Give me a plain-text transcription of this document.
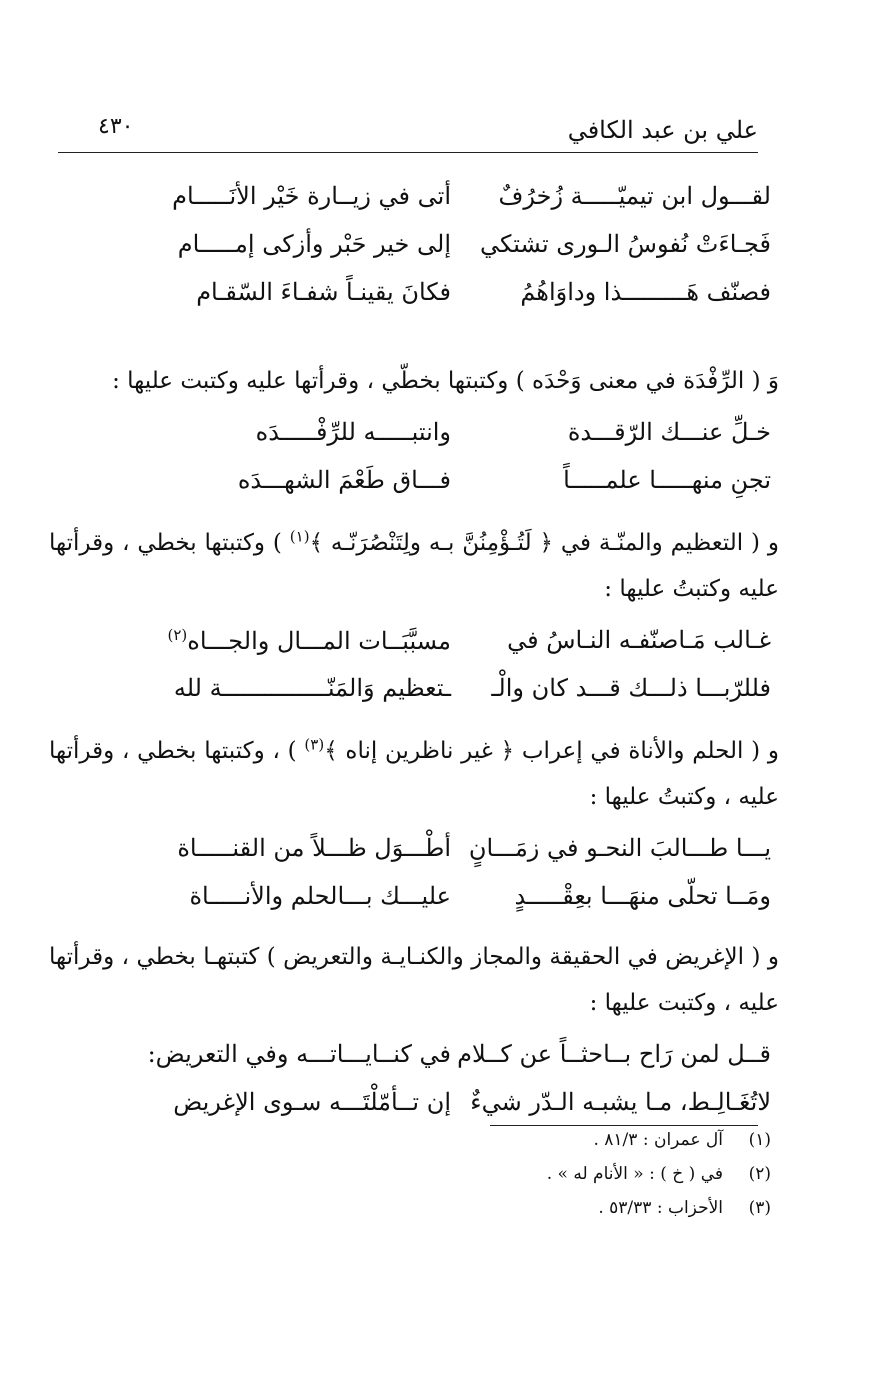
علي بن عبد الكافي
٤٣٠
لقـــول ابن تيميّـــــة زُخرُفٌ
أتى في زيــارة خَيْر الأنَـــــام
فَجـاءَتْ نُفوسُ الـورى تشتكي
إلى خير حَبْر وأزكى إمـــــام
فصنّف هَـــــــــذا وداوَاهُمُ
فكانَ يقينـاً شفـاءَ السّقـام
وَ ( الرِّفْدَة في معنى وَحْدَه ) وكتبتها بخطّي ، وقرأتها عليه وكتبت عليها :
خـلِّ عنـــك الرّقـــدة
وانتبـــــه للرِّفْـــــدَه
تجنِ منهـــــا علمـــــاً
فـــاق طَعْمَ الشهـــدَه
و ( التعظيم والمنّـة في ﴿ لَتُـؤْمِنُنَّ بـه ولِتَنْصُرَنّـه ﴾$^{(١)}$ ) وكتبتها بخطي ، وقرأتها عليه وكتبتُ عليها :
غـالب مَـاصنّفـه النـاسُ في
مسبَّبَــات المـــال والجـــاه$^{(٢)}$
فللرّبـــا ذلـــك قـــد كان والْـ
ـتعظيم وَالمَنّـــــــــــــــة لله
و ( الحلم والأناة في إعراب ﴿ غير ناظرين إناه ﴾$^{(٣)}$ ) ، وكتبتها بخطي ، وقرأتها عليه ، وكتبتُ عليها :
يـــا طـــالبَ النحـو في زمَـــانٍ
أطْـــوَل ظـــلاً من القنـــــاة
ومَــا تحلّى منهَـــا بعِقْـــــدٍ
عليـــك بـــالحلم والأنـــــاة
و ( الإغريض في الحقيقة والمجاز والكنـايـة والتعريض ) كتبتهـا بخطي ، وقرأتها عليه ، وكتبت عليها :
قــل لمن رَاح بــاحثــاً عن كــلام
في كنــايـــاتـــه وفي التعريض:
لاتُغَـالِـط، مـا يشبـه الـدّر شيءٌ
إن تــأمّلْتَـــه سـوى الإغريض
(١)
آل عمران : ٨١/٣ .
(٢)
في ( خ ) : « الأنام له » .
(٣)
الأحزاب : ٥٣/٣٣ .
